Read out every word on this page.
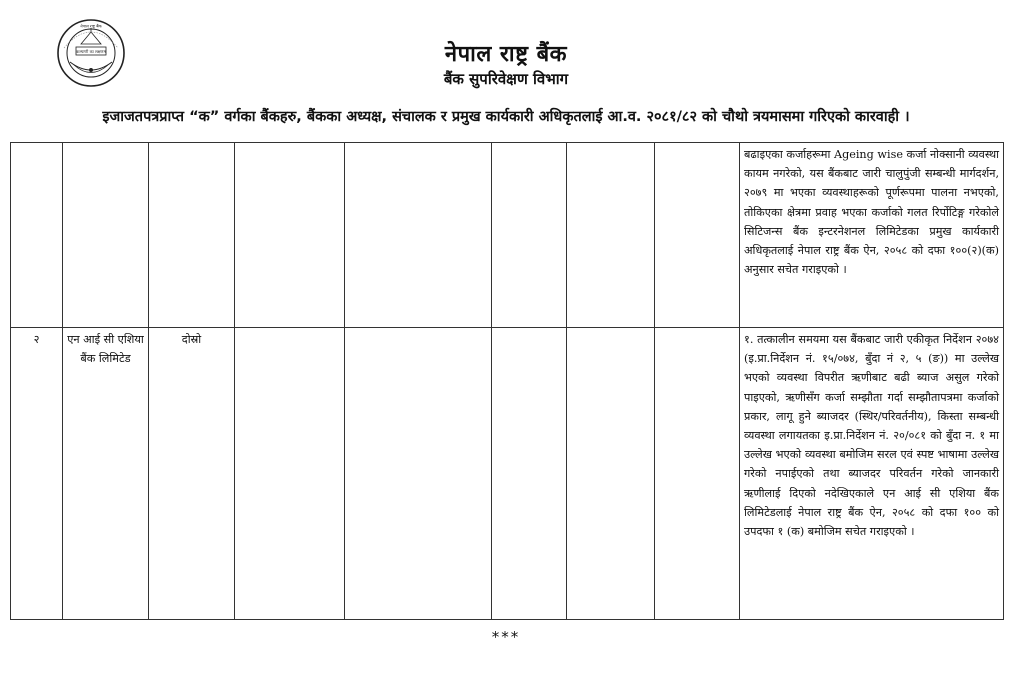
कल्याणी का लक्षणम
नेपाल राष्ट्र बैंक
नेपाल राष्ट्र बैंक
बैंक सुपरिवेक्षण विभाग
इजाजतपत्रप्राप्त “क” वर्गका बैंकहरु, बैंकका अध्यक्ष, संचालक र प्रमुख कार्यकारी अधिकृतलाई आ.व. २०८१/८२ को चौथो त्रयमासमा गरिएको कारवाही ।
								बढाइएका कर्जाहरूमा Ageing wise कर्जा नोक्सानी व्यवस्था कायम नगरेको, यस बैंकबाट जारी चालुपुंजी सम्बन्धी मार्गदर्शन, २०७९ मा भएका व्यवस्थाहरूको पूर्णरूपमा पालना नभएको, तोकिएका क्षेत्रमा प्रवाह भएका कर्जाको गलत रिर्पोटिङ्ग गरेकोले सिटिजन्स बैंक इन्टरनेशनल लिमिटेडका प्रमुख कार्यकारी अधिकृतलाई नेपाल राष्ट्र बैंक ऐन, २०५८ को दफा १००(२)(क) अनुसार सचेत गराइएको ।
२	एन आई सी एशिया बैंक लिमिटेड	दोस्रो						१. तत्कालीन समयमा यस बैंकबाट जारी एकीकृत निर्देशन २०७४ (इ.प्रा.निर्देशन नं. १५/०७४, बुँदा नं २, ५ (ङ)) मा उल्लेख भएको व्यवस्था विपरीत ऋणीबाट बढी ब्याज असुल गरेको पाइएको, ऋणीसँग कर्जा सम्झौता गर्दा सम्झौतापत्रमा कर्जाको प्रकार, लागू हुने ब्याजदर (स्थिर/परिवर्तनीय), किस्ता सम्बन्धी व्यवस्था लगायतका इ.प्रा.निर्देशन नं. २०/०८१ को बुँदा न. १ मा उल्लेख भएको व्यवस्था बमोजिम सरल एवं स्पष्ट भाषामा उल्लेख गरेको नपाईएको तथा ब्याजदर परिवर्तन गरेको जानकारी ऋणीलाई दिएको नदेखिएकाले एन आई सी एशिया बैंक लिमिटेडलाई नेपाल राष्ट्र बैंक ऐन, २०५८ को दफा १०० को उपदफा १ (क) बमोजिम सचेत गराइएको ।
***
